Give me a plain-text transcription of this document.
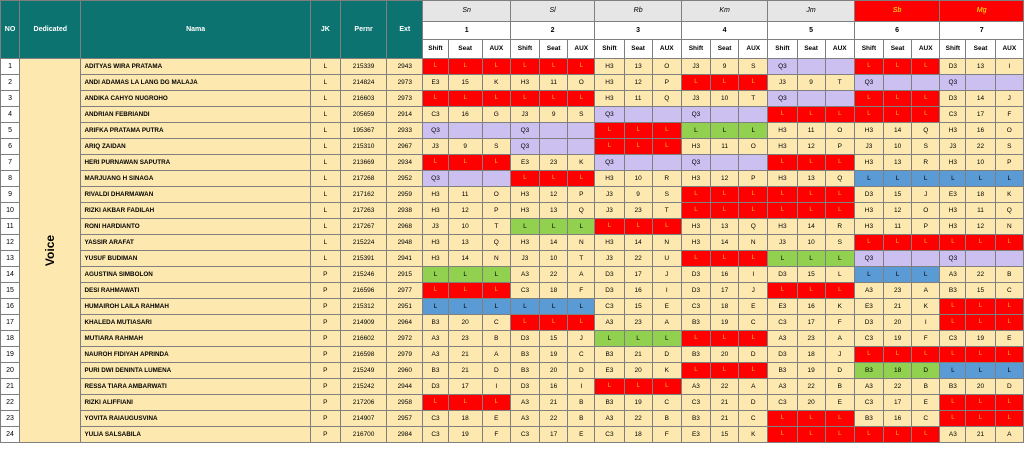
NO	Dedicated	Nama	JK	Pernr	Ext	Sn			Sl			Rb			Km			Jm			Sb			Mg		
						1			2			3			4			5			6			7		
						Shift	Seat	AUX	Shift	Seat	AUX	Shift	Seat	AUX	Shift	Seat	AUX	Shift	Seat	AUX	Shift	Seat	AUX	Shift	Seat	AUX
1	Voice	ADITYAS WIRA PRATAMA	L	215339	2943	L	L	L	L	L	L	H3	13	O	J3	9	S	Q3			L	L	L	D3	13	I
2		ANDI ADAMAS LA LANG DG MALAJA	L	214824	2973	E3	15	K	H3	11	O	H3	12	P	L	L	L	J3	9	T	Q3			Q3		
3		ANDIKA CAHYO NUGROHO	L	216603	2973	L	L	L	L	L	L	H3	11	Q	J3	10	T	Q3			L	L	L	D3	14	J
4		ANDRIAN FEBRIANDI	L	205659	2914	C3	16	G	J3	9	S	Q3			Q3			L	L	L	L	L	L	C3	17	F
5		ARIFKA PRATAMA PUTRA	L	195367	2933	Q3			Q3			L	L	L	L	L	L	H3	11	O	H3	14	Q	H3	16	O
6		ARIQ ZAIDAN	L	215310	2967	J3	9	S	Q3			L	L	L	H3	11	O	H3	12	P	J3	10	S	J3	22	S
7		HERI PURNAWAN SAPUTRA	L	213669	2934	L	L	L	E3	23	K	Q3			Q3			L	L	L	H3	13	R	H3	10	P
8		MARJUANG H SINAGA	L	217268	2952	Q3			L	L	L	H3	10	R	H3	12	P	H3	13	Q	L	L	L	L	L	L
9		RIVALDI DHARMAWAN	L	217162	2959	H3	11	O	H3	12	P	J3	9	S	L	L	L	L	L	L	D3	15	J	E3	18	K
10		RIZKI AKBAR FADILAH	L	217263	2938	H3	12	P	H3	13	Q	J3	23	T	L	L	L	L	L	L	H3	12	O	H3	11	Q
11		RONI HARDIANTO	L	217267	2968	J3	10	T	L	L	L	L	L	L	H3	13	Q	H3	14	R	H3	11	P	H3	12	N
12		YASSIR ARAFAT	L	215224	2948	H3	13	Q	H3	14	N	H3	14	N	H3	14	N	J3	10	S	L	L	L	L	L	L
13		YUSUF BUDIMAN	L	215391	2941	H3	14	N	J3	10	T	J3	22	U	L	L	L	L	L	L	Q3			Q3		
14		AGUSTINA SIMBOLON	P	215246	2915	L	L	L	A3	22	A	D3	17	J	D3	16	I	D3	15	L	L	L	L	A3	22	B
15		DESI RAHMAWATI	P	216596	2977	L	L	L	C3	18	F	D3	16	I	D3	17	J	L	L	L	A3	23	A	B3	15	C
16		HUMAIROH LAILA RAHMAH	P	215312	2951	L	L	L	L	L	L	C3	15	E	C3	18	E	E3	16	K	E3	21	K	L	L	L
17		KHALEDA MUTIASARI	P	214909	2964	B3	20	C	L	L	L	A3	23	A	B3	19	C	C3	17	F	D3	20	I	L	L	L
18		MUTIARA RAHMAH	P	216602	2972	A3	23	B	D3	15	J	L	L	L	L	L	L	A3	23	A	C3	19	F	C3	19	E
19		NAUROH FIDIYAH APRINDA	P	216598	2979	A3	21	A	B3	19	C	B3	21	D	B3	20	D	D3	18	J	L	L	L	L	L	L
20		PURI DWI DENINTA LUMENA	P	215249	2960	B3	21	D	B3	20	D	E3	20	K	L	L	L	B3	19	D	B3	18	D	L	L	L
21		RESSA TIARA AMBARWATI	P	215242	2944	D3	17	I	D3	16	I	L	L	L	A3	22	A	A3	22	B	A3	22	B	B3	20	D
22		RIZKI ALIFFIANI	P	217206	2958	L	L	L	A3	21	B	B3	19	C	C3	21	D	C3	20	E	C3	17	E	L	L	L
23		YOVITA RAIAUGUSVINA	P	214907	2957	C3	18	E	A3	22	B	A3	22	B	B3	21	C	L	L	L	B3	16	C	L	L	L
24		YULIA SALSABILA	P	216700	2984	C3	19	F	C3	17	E	C3	18	F	E3	15	K	L	L	L	L	L	L	A3	21	A
